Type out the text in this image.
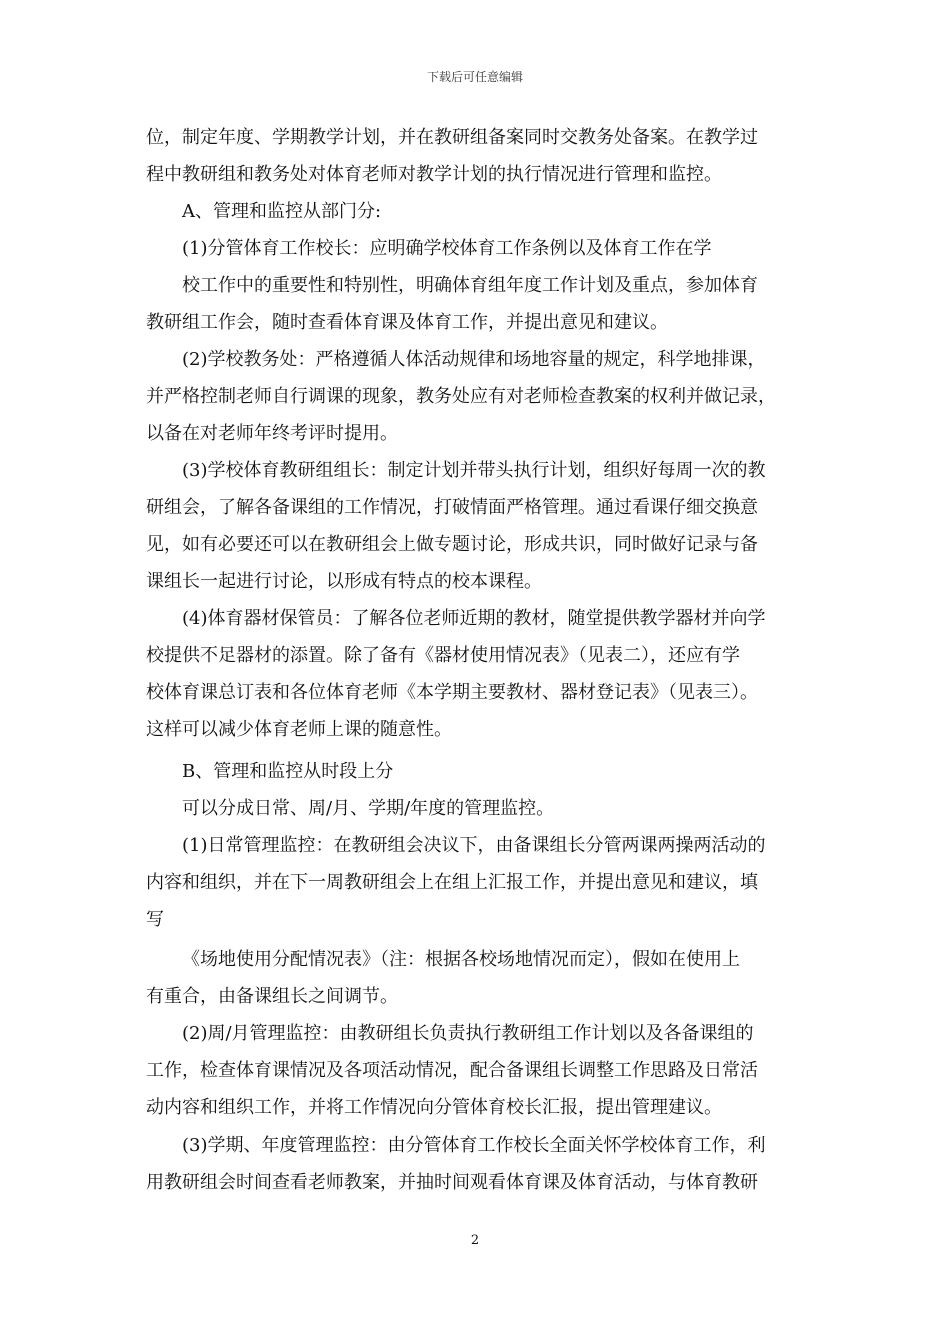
下载后可任意编辑
位，制定年度、学期教学计划，并在教研组备案同时交教务处备案。在教学过
程中教研组和教务处对体育老师对教学计划的执行情况进行管理和监控。
A、管理和监控从部门分:
(1)分管体育工作校长：应明确学校体育工作条例以及体育工作在学
校工作中的重要性和特别性，明确体育组年度工作计划及重点，参加体育
教研组工作会，随时查看体育课及体育工作，并提出意见和建议。
(2)学校教务处：严格遵循人体活动规律和场地容量的规定，科学地排课，
并严格控制老师自行调课的现象，教务处应有对老师检查教案的权利并做记录，
以备在对老师年终考评时提用。
(3)学校体育教研组组长：制定计划并带头执行计划，组织好每周一次的教
研组会，了解各备课组的工作情况，打破情面严格管理。通过看课仔细交换意
见，如有必要还可以在教研组会上做专题讨论，形成共识，同时做好记录与备
课组长一起进行讨论，以形成有特点的校本课程。
(4)体育器材保管员：了解各位老师近期的教材，随堂提供教学器材并向学
校提供不足器材的添置。除了备有《器材使用情况表》（见表二），还应有学
校体育课总订表和各位体育老师《本学期主要教材、器材登记表》（见表三）。
这样可以减少体育老师上课的随意性。
B、管理和监控从时段上分
可以分成日常、周/月、学期/年度的管理监控。
(1)日常管理监控：在教研组会决议下，由备课组长分管两课两操两活动的
内容和组织，并在下一周教研组会上在组上汇报工作，并提出意见和建议，填
写
《场地使用分配情况表》（注：根据各校场地情况而定），假如在使用上
有重合，由备课组长之间调节。
(2)周/月管理监控：由教研组长负责执行教研组工作计划以及各备课组的
工作，检查体育课情况及各项活动情况，配合备课组长调整工作思路及日常活
动内容和组织工作，并将工作情况向分管体育校长汇报，提出管理建议。
(3)学期、年度管理监控：由分管体育工作校长全面关怀学校体育工作，利
用教研组会时间查看老师教案，并抽时间观看体育课及体育活动，与体育教研
2
